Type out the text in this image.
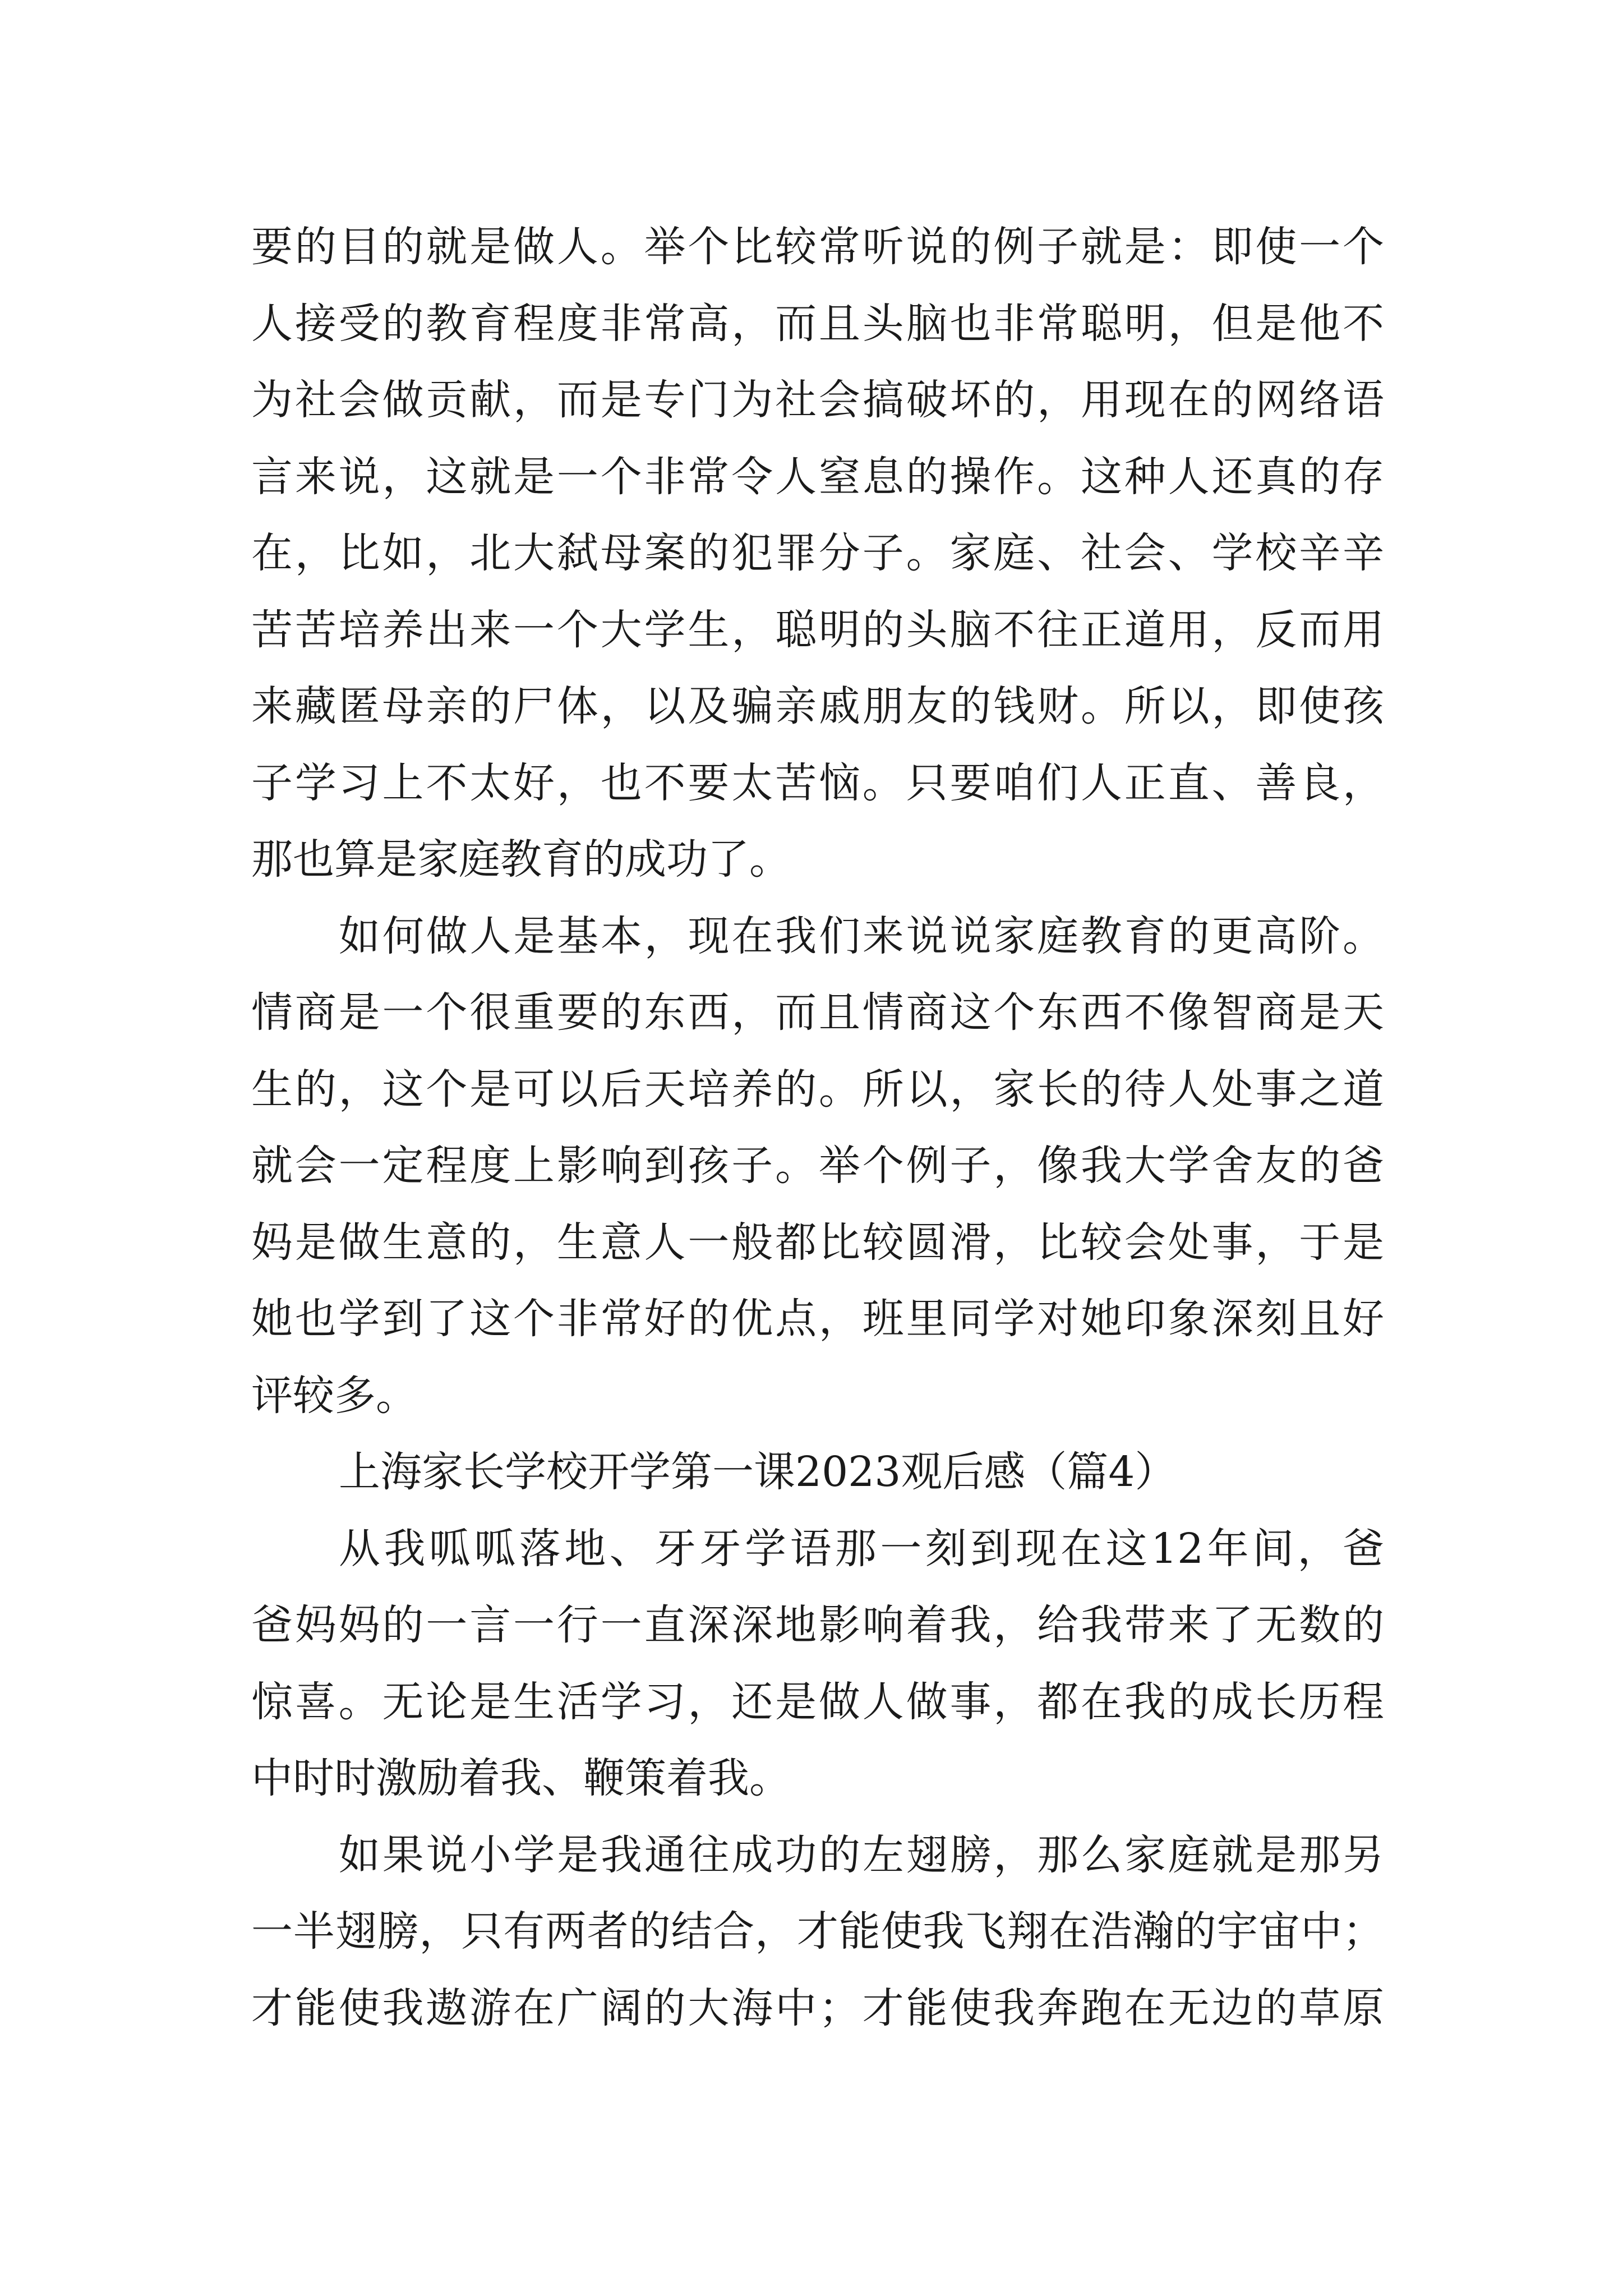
要的目的就是做人。举个比较常听说的例子就是：即使一个
人接受的教育程度非常高，而且头脑也非常聪明，但是他不
为社会做贡献，而是专门为社会搞破坏的，用现在的网络语
言来说，这就是一个非常令人窒息的操作。这种人还真的存
在，比如，北大弑母案的犯罪分子。家庭、社会、学校辛辛
苦苦培养出来一个大学生，聪明的头脑不往正道用，反而用
来藏匿母亲的尸体，以及骗亲戚朋友的钱财。所以，即使孩
子学习上不太好，也不要太苦恼。只要咱们人正直、善良，
那也算是家庭教育的成功了。
如何做人是基本，现在我们来说说家庭教育的更高阶。
情商是一个很重要的东西，而且情商这个东西不像智商是天
生的，这个是可以后天培养的。所以，家长的待人处事之道
就会一定程度上影响到孩子。举个例子，像我大学舍友的爸
妈是做生意的，生意人一般都比较圆滑，比较会处事，于是
她也学到了这个非常好的优点，班里同学对她印象深刻且好
评较多。
上海家长学校开学第一课2023观后感（篇4）
从我呱呱落地、牙牙学语那一刻到现在这12年间，爸
爸妈妈的一言一行一直深深地影响着我，给我带来了无数的
惊喜。无论是生活学习，还是做人做事，都在我的成长历程
中时时激励着我、鞭策着我。
如果说小学是我通往成功的左翅膀，那么家庭就是那另
一半翅膀，只有两者的结合，才能使我飞翔在浩瀚的宇宙中；
才能使我遨游在广阔的大海中；才能使我奔跑在无边的草原
